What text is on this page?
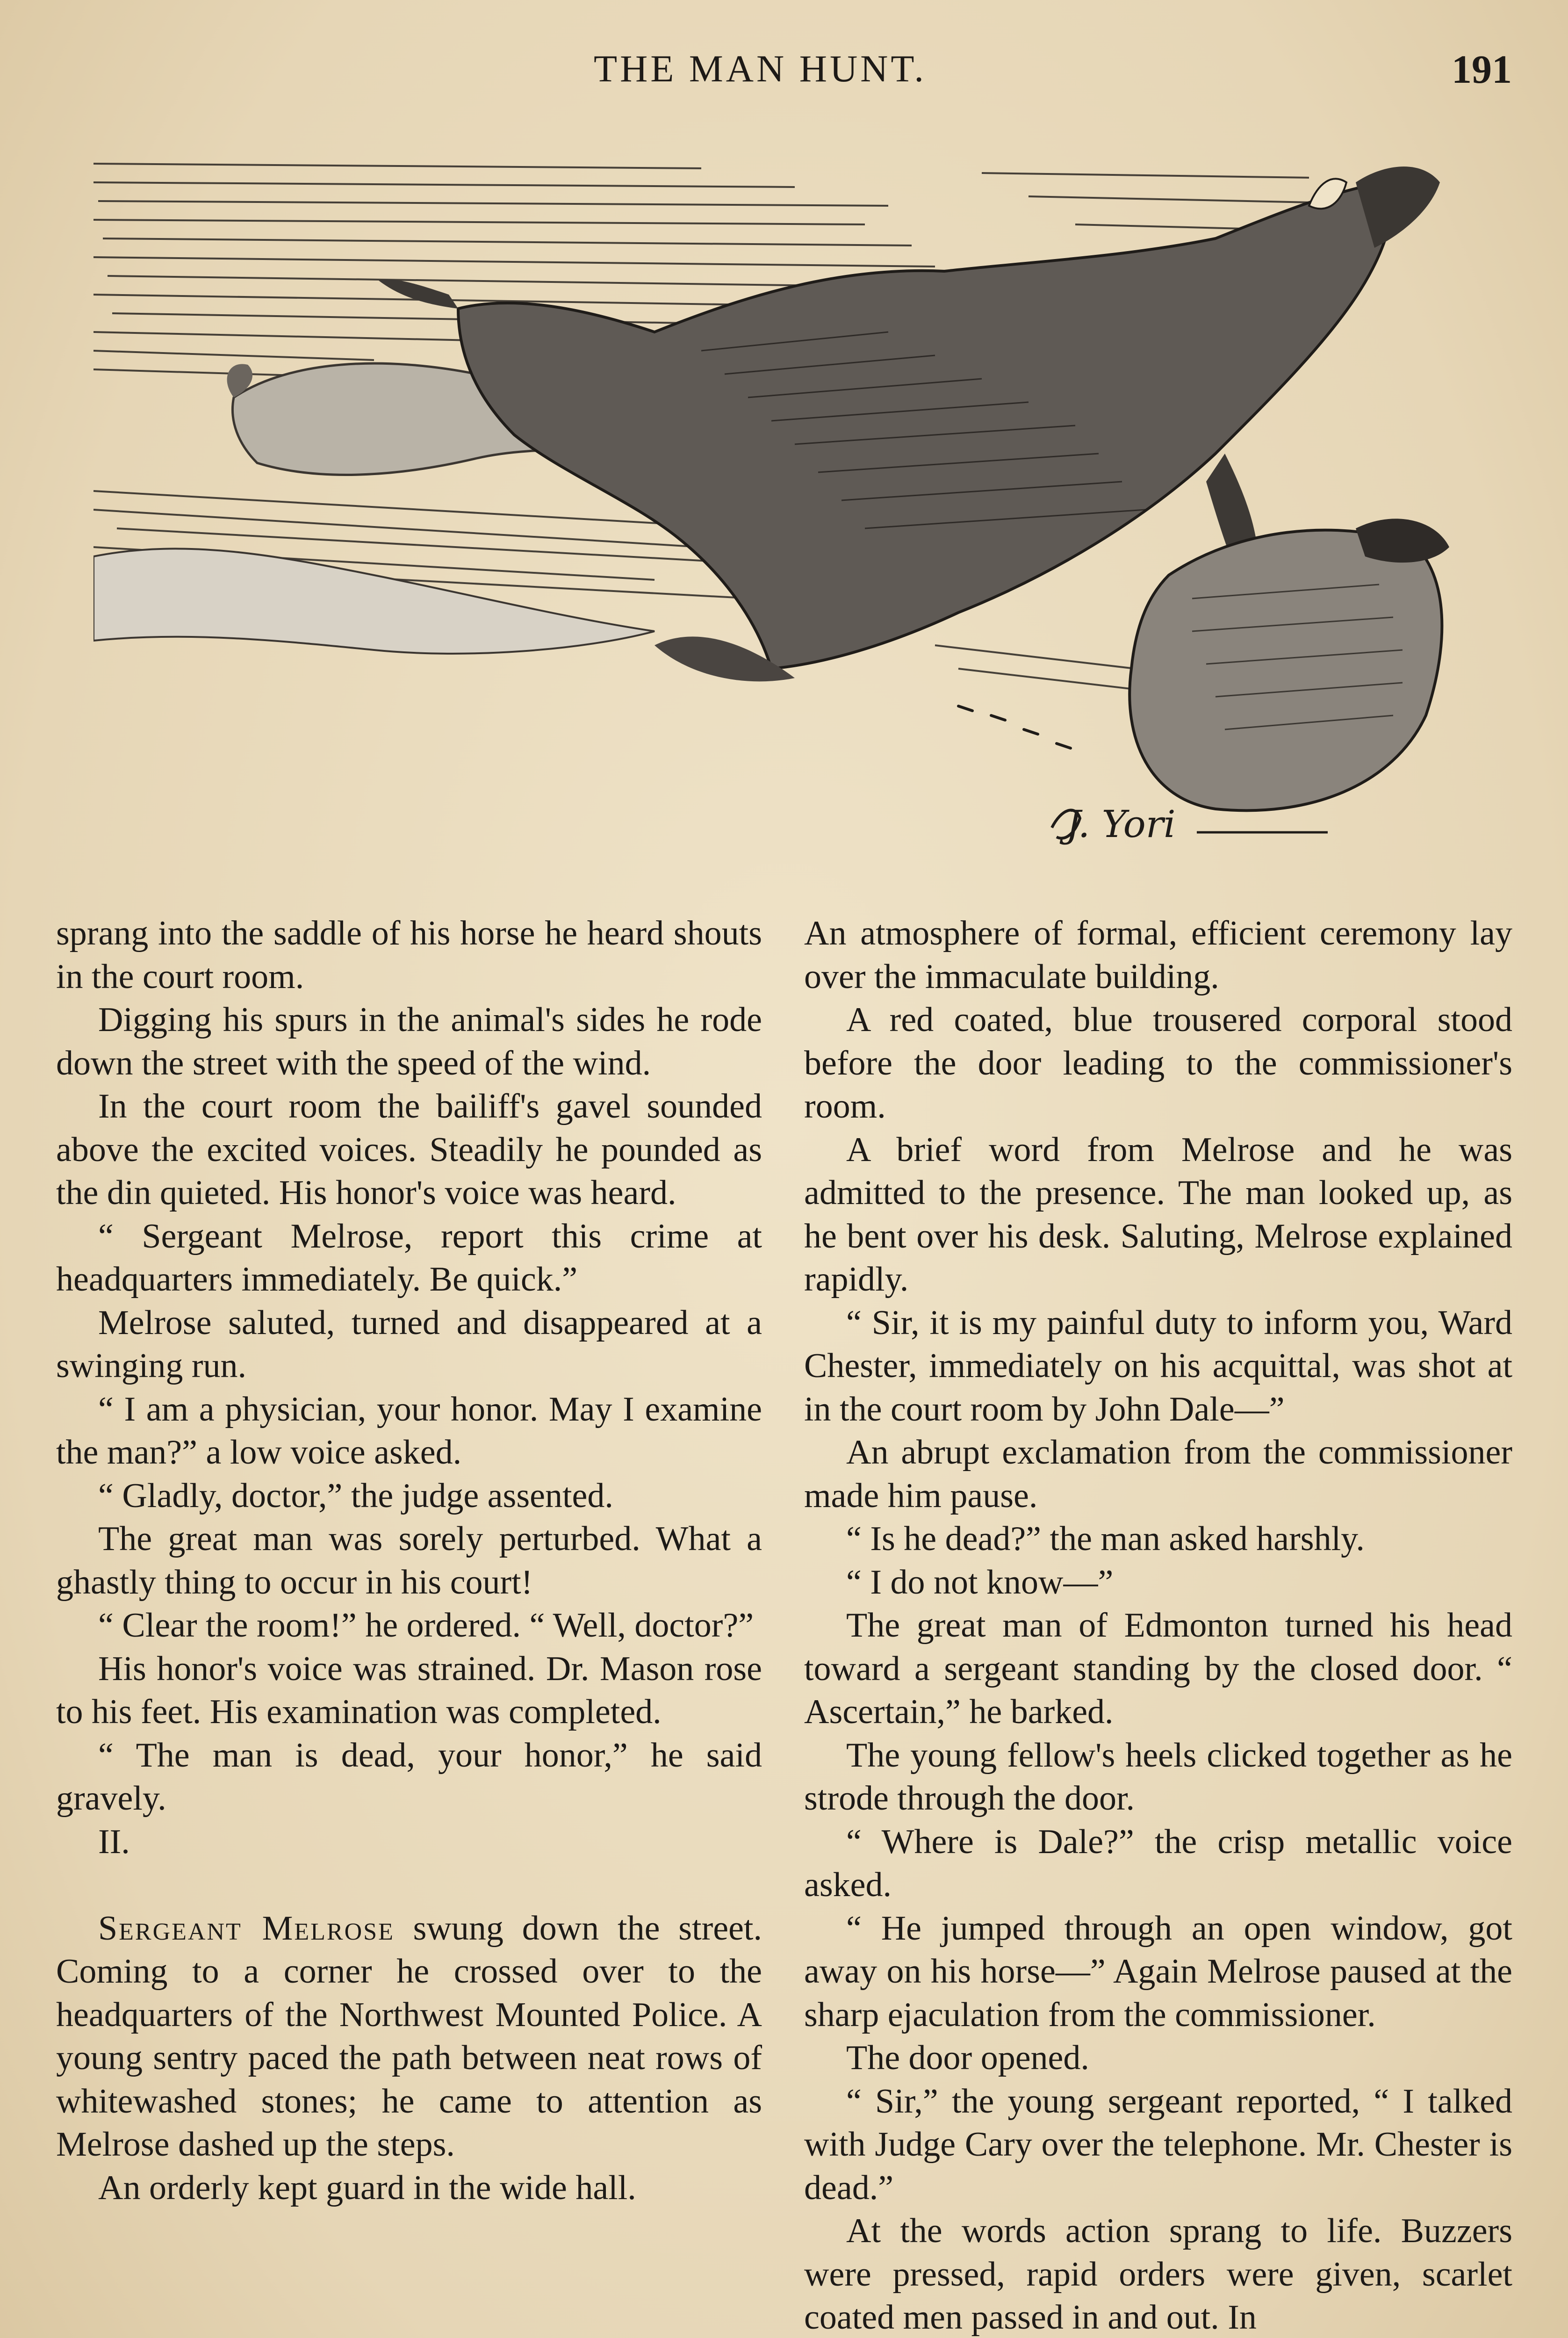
THE MAN HUNT.	191
J. Yori

sprang into the saddle of his horse he heard shouts in the court room.

Digging his spurs in the animal's sides he rode down the street with the speed of the wind.

In the court room the bailiff's gavel sounded above the excited voices. Steadily he pounded as the din quieted. His honor's voice was heard.

“ Sergeant Melrose, report this crime at headquarters immediately. Be quick.”

Melrose saluted, turned and disappeared at a swinging run.

“ I am a physician, your honor. May I examine the man?” a low voice asked.

“ Gladly, doctor,” the judge assented.

The great man was sorely perturbed. What a ghastly thing to occur in his court!

“ Clear the room!” he ordered. “ Well, doctor?”

His honor's voice was strained. Dr. Mason rose to his feet. His examination was completed.

“ The man is dead, your honor,” he said gravely.

II.

Sergeant Melrose swung down the street. Coming to a corner he crossed over to the headquarters of the Northwest Mounted Police. A young sentry paced the path between neat rows of whitewashed stones; he came to attention as Melrose dashed up the steps.

An orderly kept guard in the wide hall.

An atmosphere of formal, efficient ceremony lay over the immaculate building.

A red coated, blue trousered corporal stood before the door leading to the commissioner's room.

A brief word from Melrose and he was admitted to the presence. The man looked up, as he bent over his desk. Saluting, Melrose explained rapidly.

“ Sir, it is my painful duty to inform you, Ward Chester, immediately on his acquittal, was shot at in the court room by John Dale—”

An abrupt exclamation from the commissioner made him pause.

“ Is he dead?” the man asked harshly.

“ I do not know—”

The great man of Edmonton turned his head toward a sergeant standing by the closed door. “ Ascertain,” he barked.

The young fellow's heels clicked together as he strode through the door.

“ Where is Dale?” the crisp metallic voice asked.

“ He jumped through an open window, got away on his horse—” Again Melrose paused at the sharp ejaculation from the commissioner.

The door opened.

“ Sir,” the young sergeant reported, “ I talked with Judge Cary over the telephone. Mr. Chester is dead.”

At the words action sprang to life. Buzzers were pressed, rapid orders were given, scarlet coated men passed in and out. In
